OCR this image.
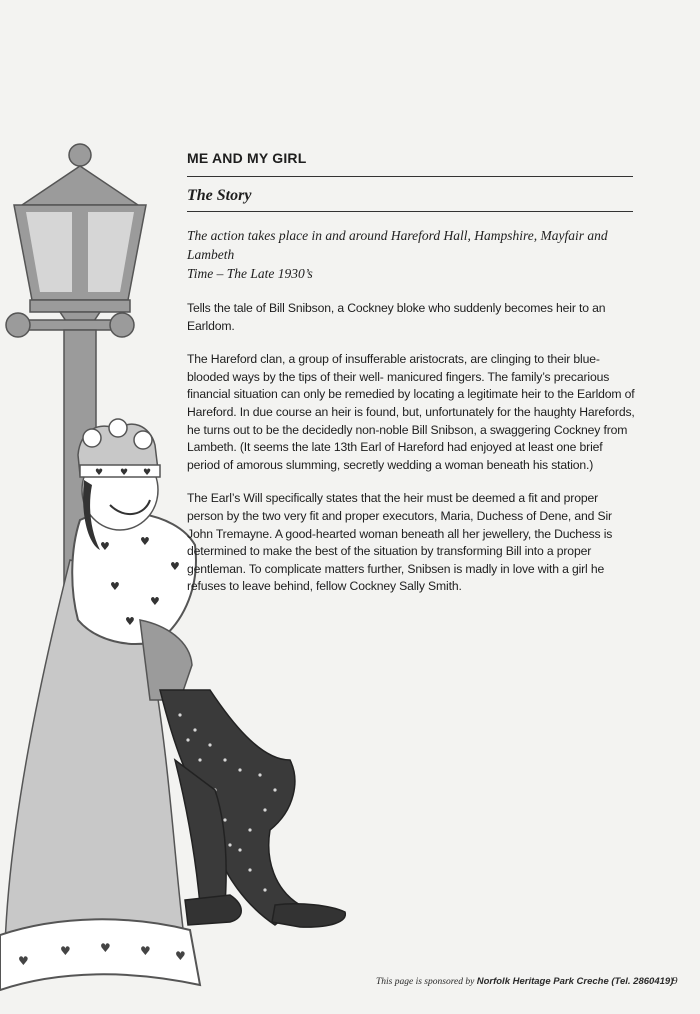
♥
♥ ♥ ♥ ♥
♥	♥
♥
♥
♥
♥
♥ ♥ ♥
ME AND MY GIRL
The Story

The action takes place in and around Hareford Hall, Hampshire, Mayfair and Lambeth
Time – The Late 1930’s

Tells the tale of Bill Snibson, a Cockney bloke who suddenly becomes heir to an Earldom.

The Hareford clan, a group of insufferable aristocrats, are clinging to their blue-blooded ways by the tips of their well- manicured fingers. The family’s precarious financial situation can only be remedied by locating a legitimate heir to the Earldom of Hareford. In due course an heir is found, but, unfortunately for the haughty Harefords, he turns out to be the decidedly non-noble Bill Snibson, a swaggering Cockney from Lambeth. (It seems the late 13th Earl of Hareford had enjoyed at least one brief period of amorous slumming, secretly wedding a woman beneath his station.)

The Earl’s Will specifically states that the heir must be deemed a fit and proper person by the two very fit and proper executors, Maria, Duchess of Dene, and Sir John Tremayne. A good-hearted woman beneath all her jewellery, the Duchess is determined to make the best of the situation by transforming Bill into a proper gentleman. To complicate matters further, Snibsen is madly in love with a girl he refuses to leave behind, fellow Cockney Sally Smith.

This page is sponsored by Norfolk Heritage Park Creche (Tel. 2860419)
9
